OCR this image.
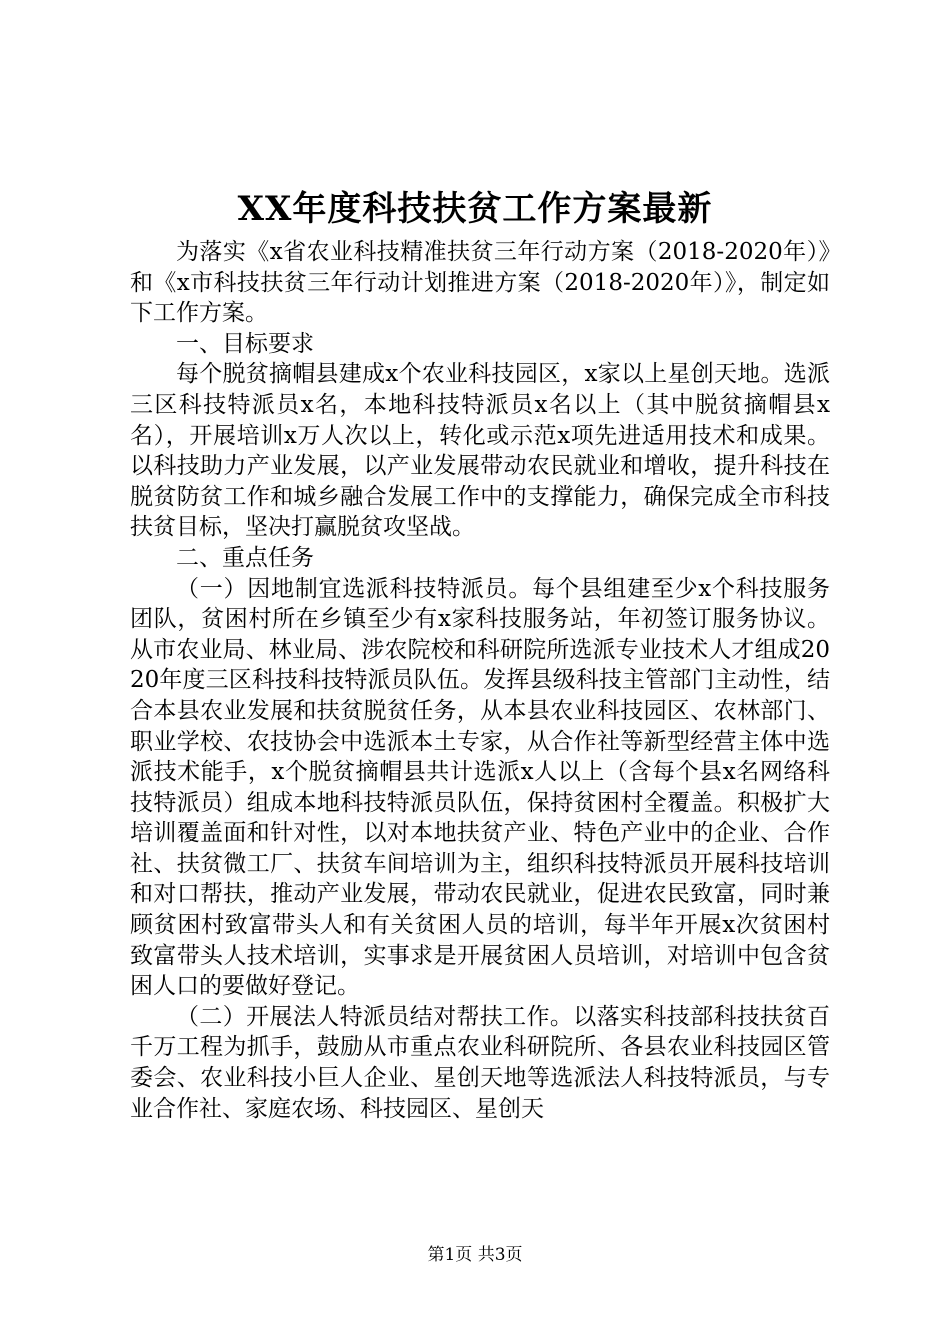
XX年度科技扶贫工作方案最新

为落实《x省农业科技精准扶贫三年行动方案（2018-2020年）》和《x市科技扶贫三年行动计划推进方案（2018-2020年）》，制定如下工作方案。

一、目标要求

每个脱贫摘帽县建成x个农业科技园区，x家以上星创天地。选派三区科技特派员x名，本地科技特派员x名以上（其中脱贫摘帽县x名），开展培训x万人次以上，转化或示范x项先进适用技术和成果。以科技助力产业发展，以产业发展带动农民就业和增收，提升科技在脱贫防贫工作和城乡融合发展工作中的支撑能力，确保完成全市科技扶贫目标，坚决打赢脱贫攻坚战。

二、重点任务

（一）因地制宜选派科技特派员。每个县组建至少x个科技服务团队，贫困村所在乡镇至少有x家科技服务站，年初签订服务协议。从市农业局、林业局、涉农院校和科研院所选派专业技术人才组成2020年度三区科技科技特派员队伍。发挥县级科技主管部门主动性，结合本县农业发展和扶贫脱贫任务，从本县农业科技园区、农林部门、职业学校、农技协会中选派本土专家，从合作社等新型经营主体中选派技术能手，x个脱贫摘帽县共计选派x人以上（含每个县x名网络科技特派员）组成本地科技特派员队伍，保持贫困村全覆盖。积极扩大培训覆盖面和针对性，以对本地扶贫产业、特色产业中的企业、合作社、扶贫微工厂、扶贫车间培训为主，组织科技特派员开展科技培训和对口帮扶，推动产业发展，带动农民就业，促进农民致富，同时兼顾贫困村致富带头人和有关贫困人员的培训，每半年开展x次贫困村致富带头人技术培训，实事求是开展贫困人员培训，对培训中包含贫困人口的要做好登记。

（二）开展法人特派员结对帮扶工作。以落实科技部科技扶贫百千万工程为抓手，鼓励从市重点农业科研院所、各县农业科技园区管委会、农业科技小巨人企业、星创天地等选派法人科技特派员，与专业合作社、家庭农场、科技园区、星创天

第1页 共3页
